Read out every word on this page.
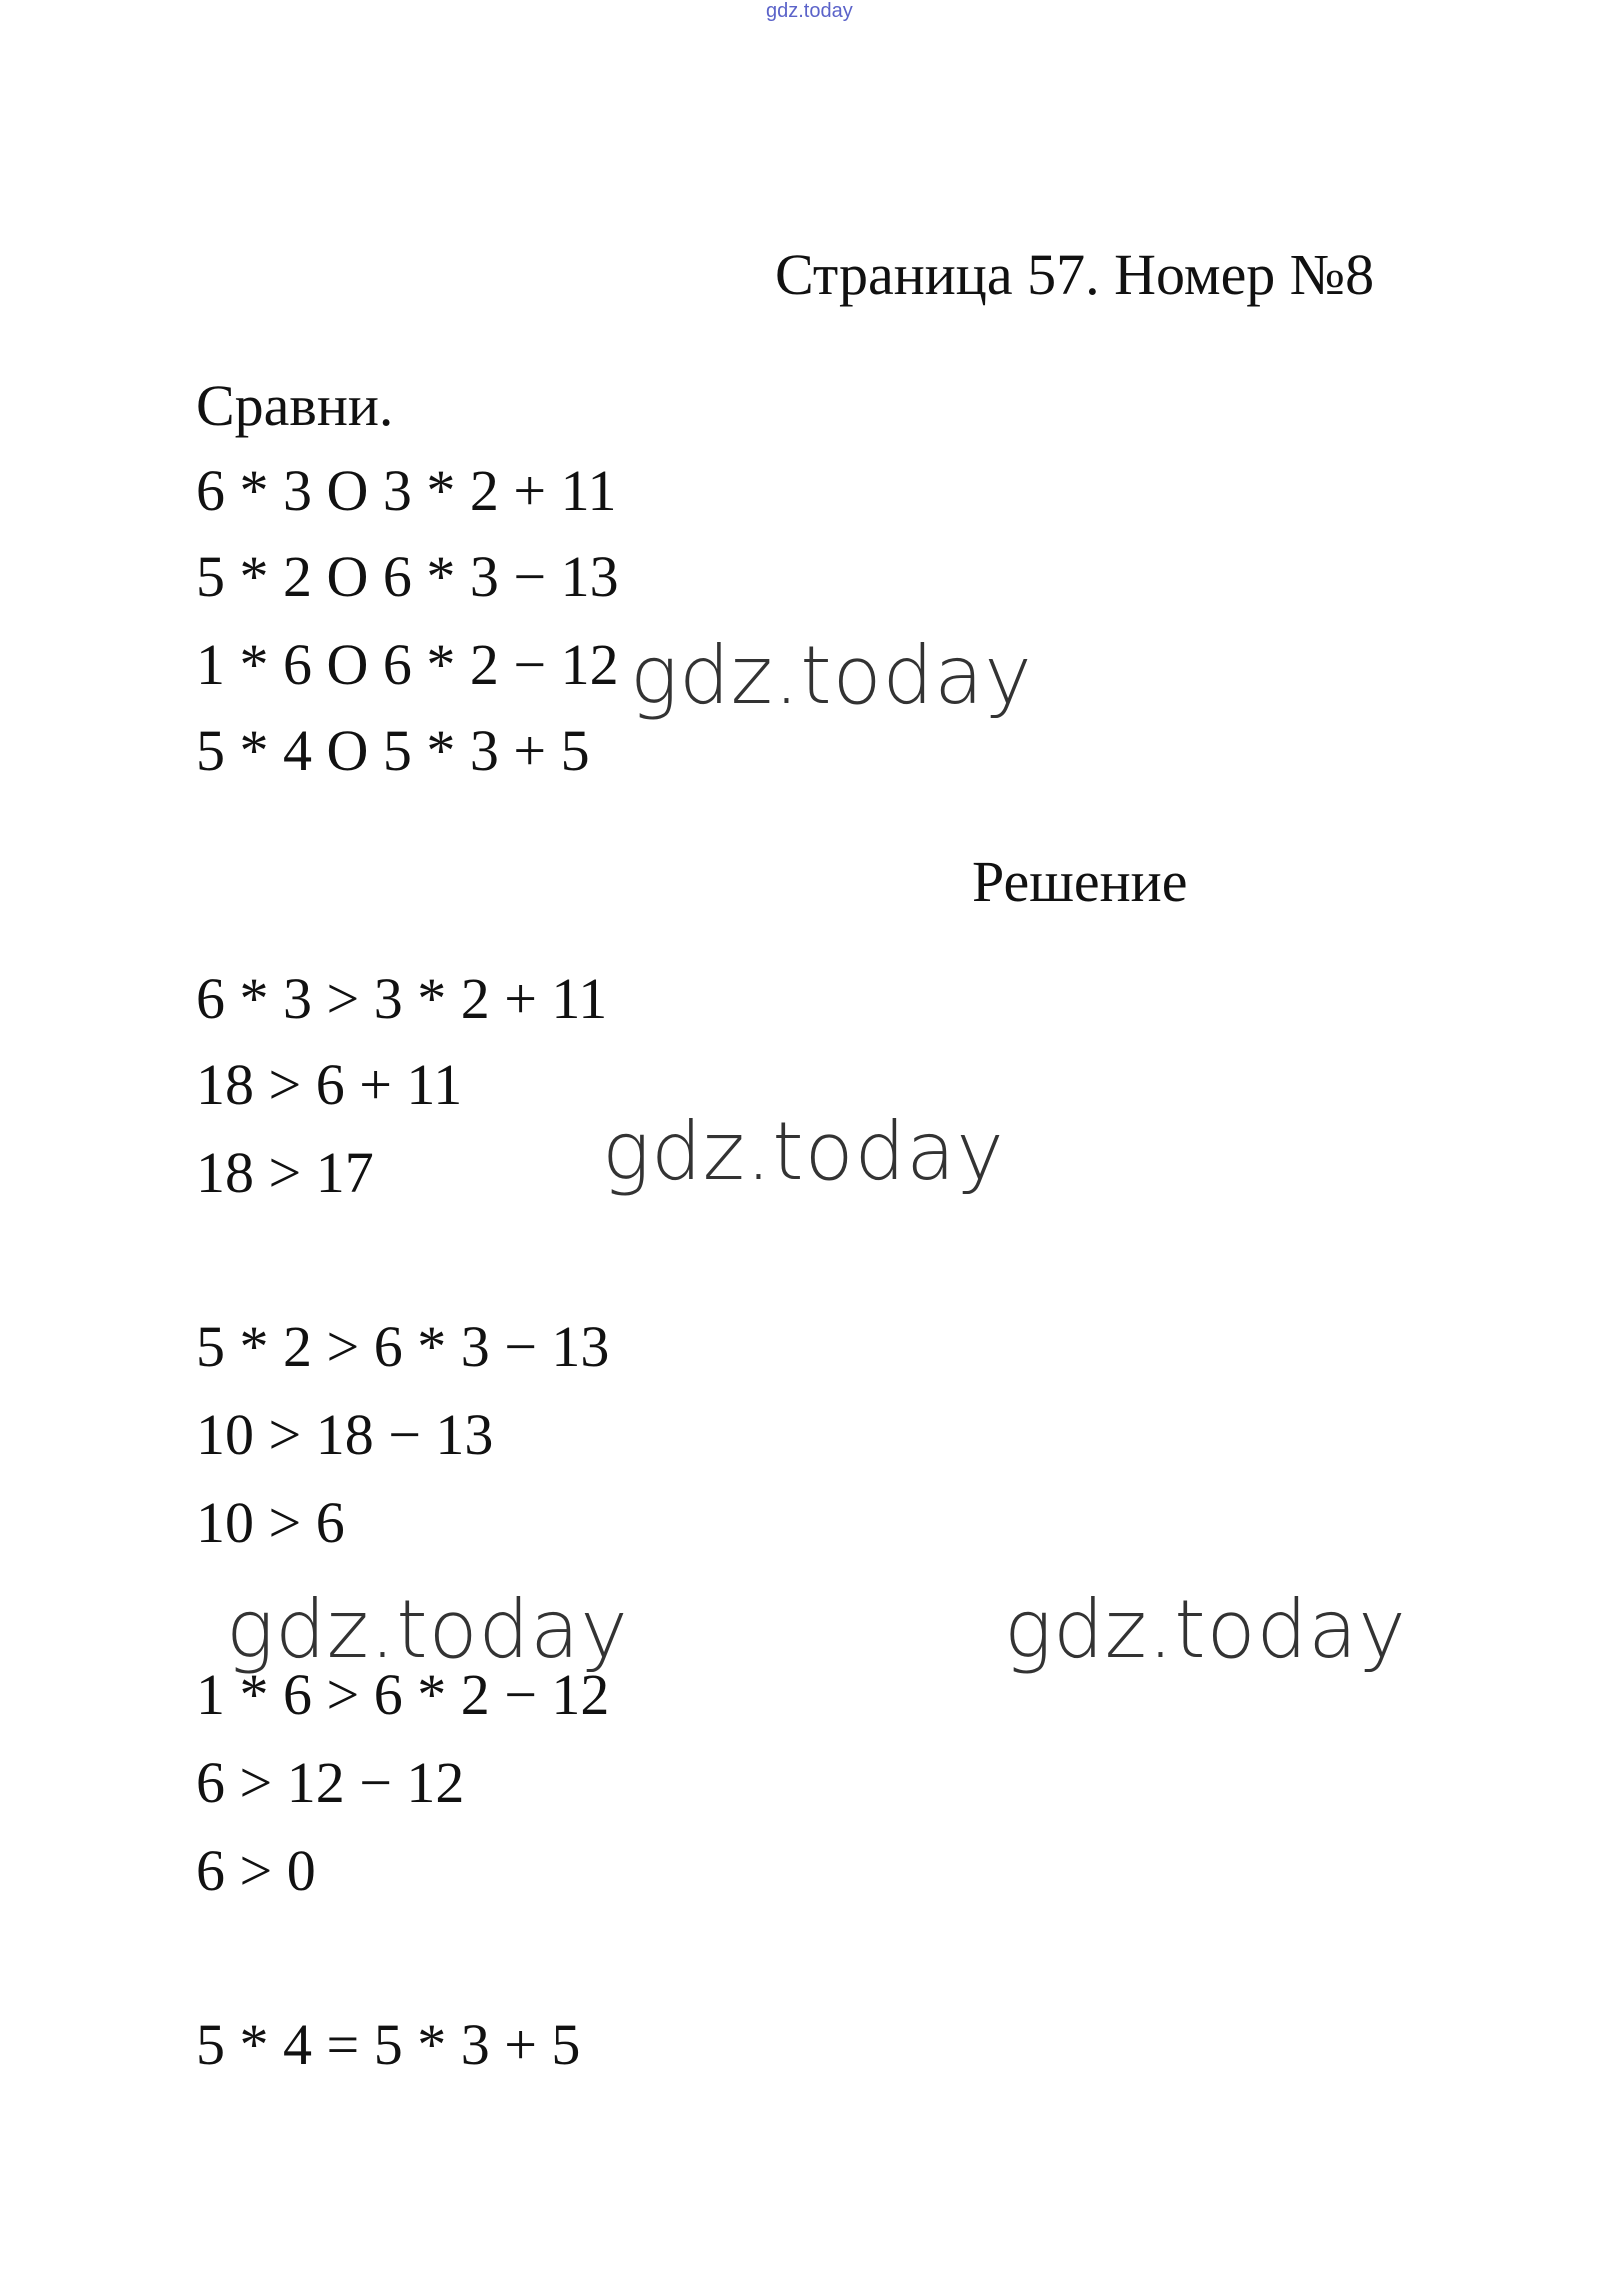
gdz.today
Страница 57. Номер №8
Сравни.
6 * 3 O 3 * 2 + 11
5 * 2 O 6 * 3 − 13
1 * 6 O 6 * 2 − 12
5 * 4 O 5 * 3 + 5
Решение
6 * 3 > 3 * 2 + 11
18 > 6 + 11
18 > 17
5 * 2 > 6 * 3 − 13
10 > 18 − 13
10 > 6
1 * 6 > 6 * 2 − 12
6 > 12 − 12
6 > 0
5 * 4 = 5 * 3 + 5
gdz.today
gdz.today
gdz.today	gdz.today
